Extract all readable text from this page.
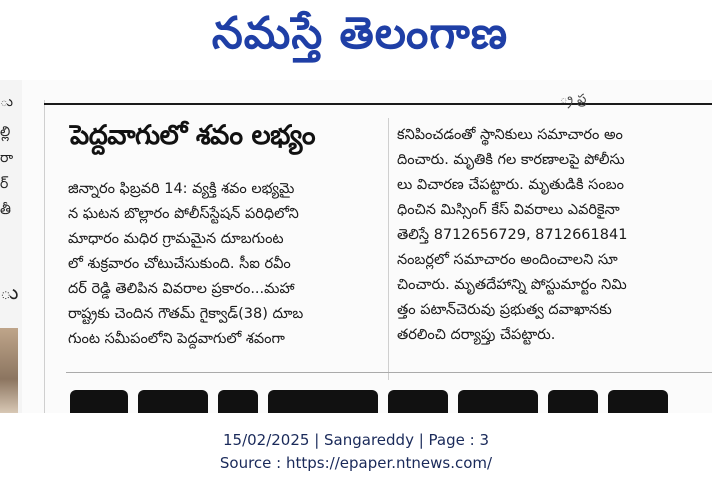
నమస్తే తెలంగాణ
ు
ల్లి
రా
ర్
తీ
ు
్ర ఫ్ర
పెద్దవాగులో శవం లభ్యం
జిన్నారం ఫిబ్రవరి 14: వ్యక్తి శవం లభ్యమై
న ఘటన బొల్లారం పోలీస్‌స్టేషన్ పరిధిలోని
మాధారం మధిర గ్రామమైన దూబగుంట
లో శుక్రవారం చోటుచేసుకుంది. సీఐ రవీం
దర్ రెడ్డి తెలిపిన వివరాల ప్రకారం...మహా
రాష్ట్రకు చెందిన గౌతమ్ గైక్వాడ్(38) దూబ
గుంట సమీపంలోని పెద్దవాగులో శవంగా
కనిపించడంతో స్థానికులు సమాచారం అం
దించారు. మృతికి గల కారణాలపై పోలీసు
లు విచారణ చేపట్టారు. మృతుడికి సంబం
ధించిన మిస్సింగ్ కేస్ వివరాలు ఎవరికైనా
తెలిస్తే 8712656729, 8712661841
నంబర్లలో సమాచారం అందించాలని సూ
చించారు. మృతదేహాన్ని పోస్టుమార్టం నిమి
త్తం పటాన్‌చెరువు ప్రభుత్వ దవాఖానకు
తరలించి దర్యాప్తు చేపట్టారు.
15/02/2025 | Sangareddy | Page : 3
Source : https://epaper.ntnews.com/
